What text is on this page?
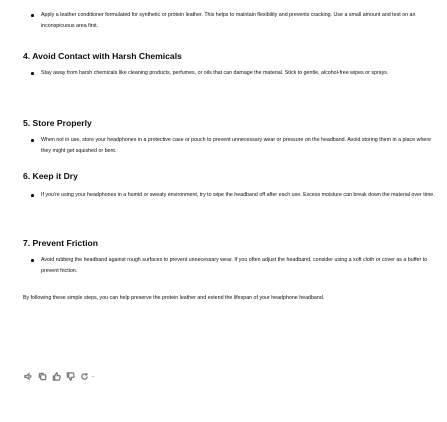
Apply a leather conditioner formulated for synthetic or protein leather. This helps to maintain flexibility and prevents cracking. Use a small amount and test on an inconspicuous area first.
4. Avoid Contact with Harsh Chemicals
Stay away from harsh chemicals like cleaning products, perfumes, or oils that can damage the material. Stick to gentle, alcohol-free wipes or sprays.
5. Store Properly
When not in use, store your headphones in a protective case or pouch to prevent unnecessary wear or pressure on the headband. Avoid storing them in a place where they might get squished or bent.
6. Keep it Dry
If you're using your headphones in a humid or sweaty environment, try to wipe the headband off after each use. Excess moisture can break down the material over time.
7. Prevent Friction
Avoid rubbing the headband against rough surfaces to prevent unnecessary wear. If you often adjust the headband, consider using a soft cloth or cover as a buffer to prevent friction.
By following these simple steps, you can help preserve the protein leather and extend the lifespan of your headphone headband.
⌄
